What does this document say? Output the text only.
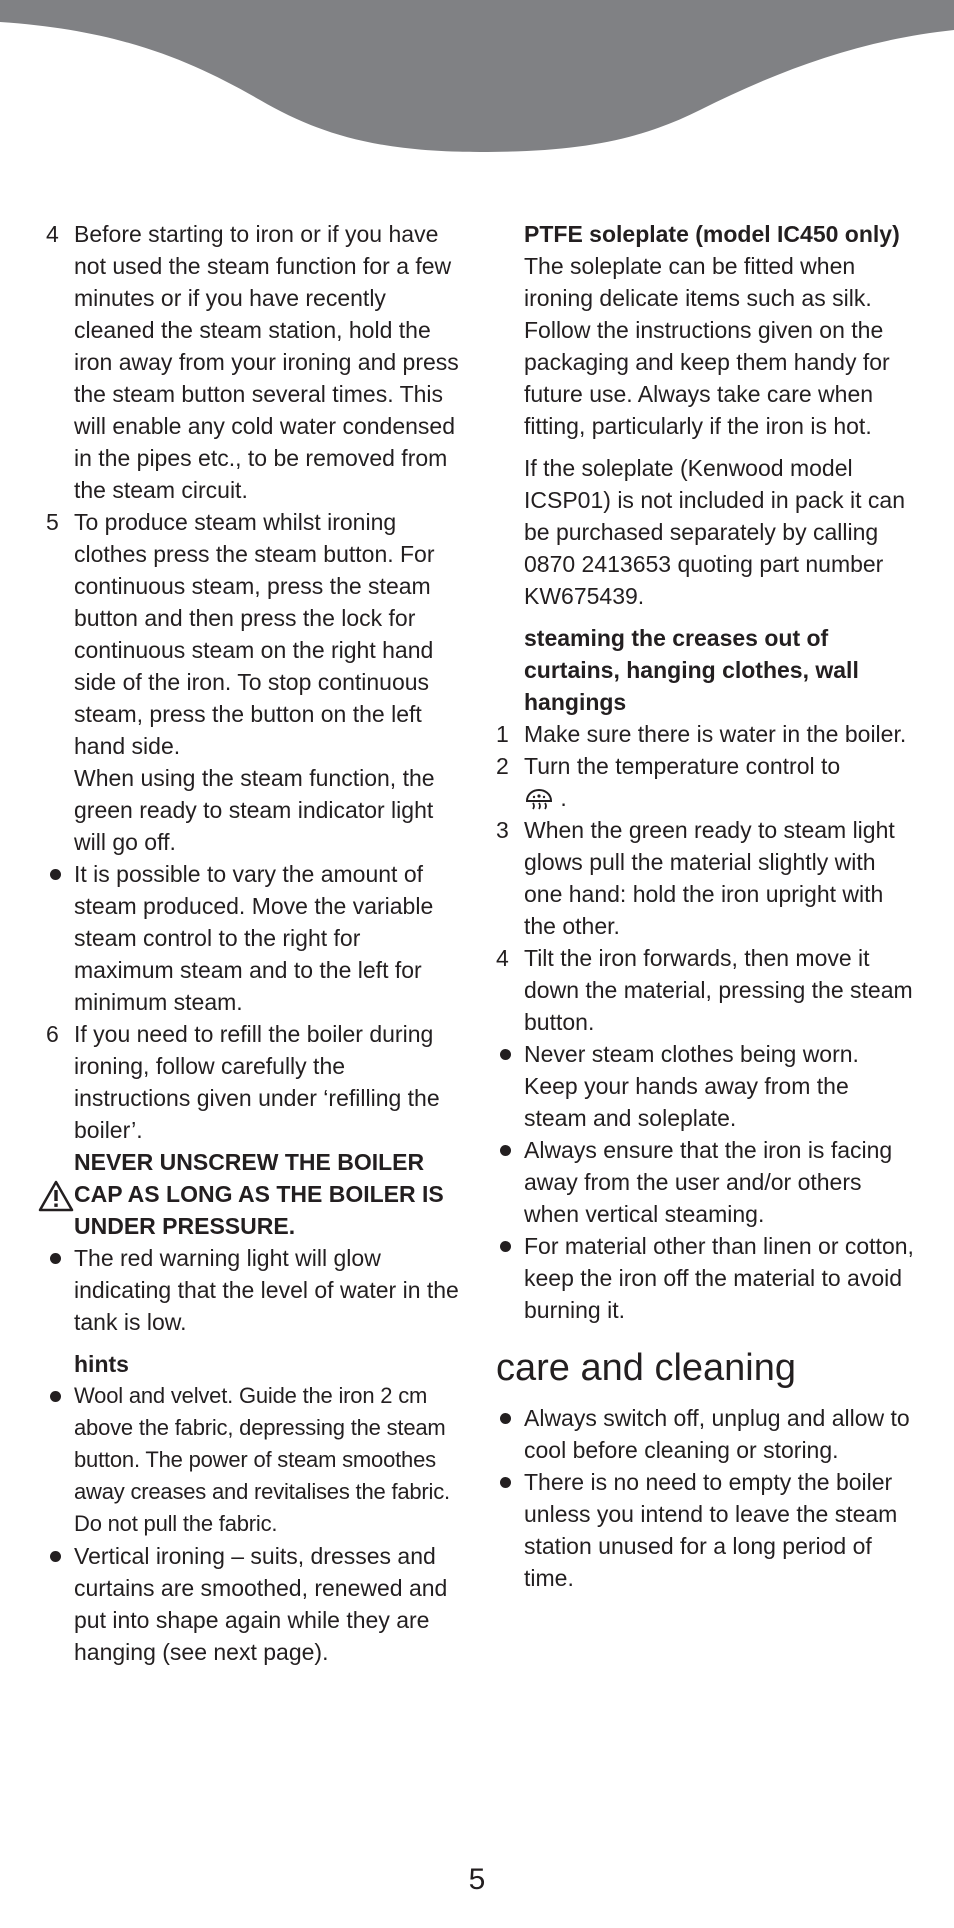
4 Before starting to iron or if you have not used the steam function for a few minutes or if you have recently cleaned the steam station, hold the iron away from your ironing and press the steam button several times. This will enable any cold water condensed in the pipes etc., to be removed from the steam circuit.
5 To produce steam whilst ironing clothes press the steam button. For continuous steam, press the steam button and then press the lock for continuous steam on the right hand side of the iron. To stop continuous steam, press the button on the left hand side.
When using the steam function, the green ready to steam indicator light will go off.
It is possible to vary the amount of steam produced. Move the variable steam control to the right for maximum steam and to the left for minimum steam.
6 If you need to refill the boiler during ironing, follow carefully the instructions given under ‘refilling the boiler’.
NEVER UNSCREW THE BOILER CAP AS LONG AS THE BOILER IS UNDER PRESSURE.
The red warning light will glow indicating that the level of water in the tank is low.
hints
Wool and velvet. Guide the iron 2 cm above the fabric, depressing the steam button. The power of steam smoothes away creases and revitalises the fabric. Do not pull the fabric.
Vertical ironing – suits, dresses and curtains are smoothed, renewed and put into shape again while they are hanging (see next page).
PTFE soleplate (model IC450 only)
The soleplate can be fitted when ironing delicate items such as silk. Follow the instructions given on the packaging and keep them handy for future use. Always take care when fitting, particularly if the iron is hot.
If the soleplate (Kenwood model ICSP01) is not included in pack it can be purchased separately by calling 0870 2413653 quoting part number KW675439.
steaming the creases out of curtains, hanging clothes, wall hangings
1 Make sure there is water in the boiler.
2 Turn the temperature control to
.
3 When the green ready to steam light glows pull the material slightly with one hand: hold the iron upright with the other.
4 Tilt the iron forwards, then move it down the material, pressing the steam button.
Never steam clothes being worn. Keep your hands away from the steam and soleplate.
Always ensure that the iron is facing away from the user and/or others when vertical steaming.
For material other than linen or cotton, keep the iron off the material to avoid burning it.
care and cleaning
Always switch off, unplug and allow to cool before cleaning or storing.
There is no need to empty the boiler unless you intend to leave the steam station unused for a long period of time.
5
